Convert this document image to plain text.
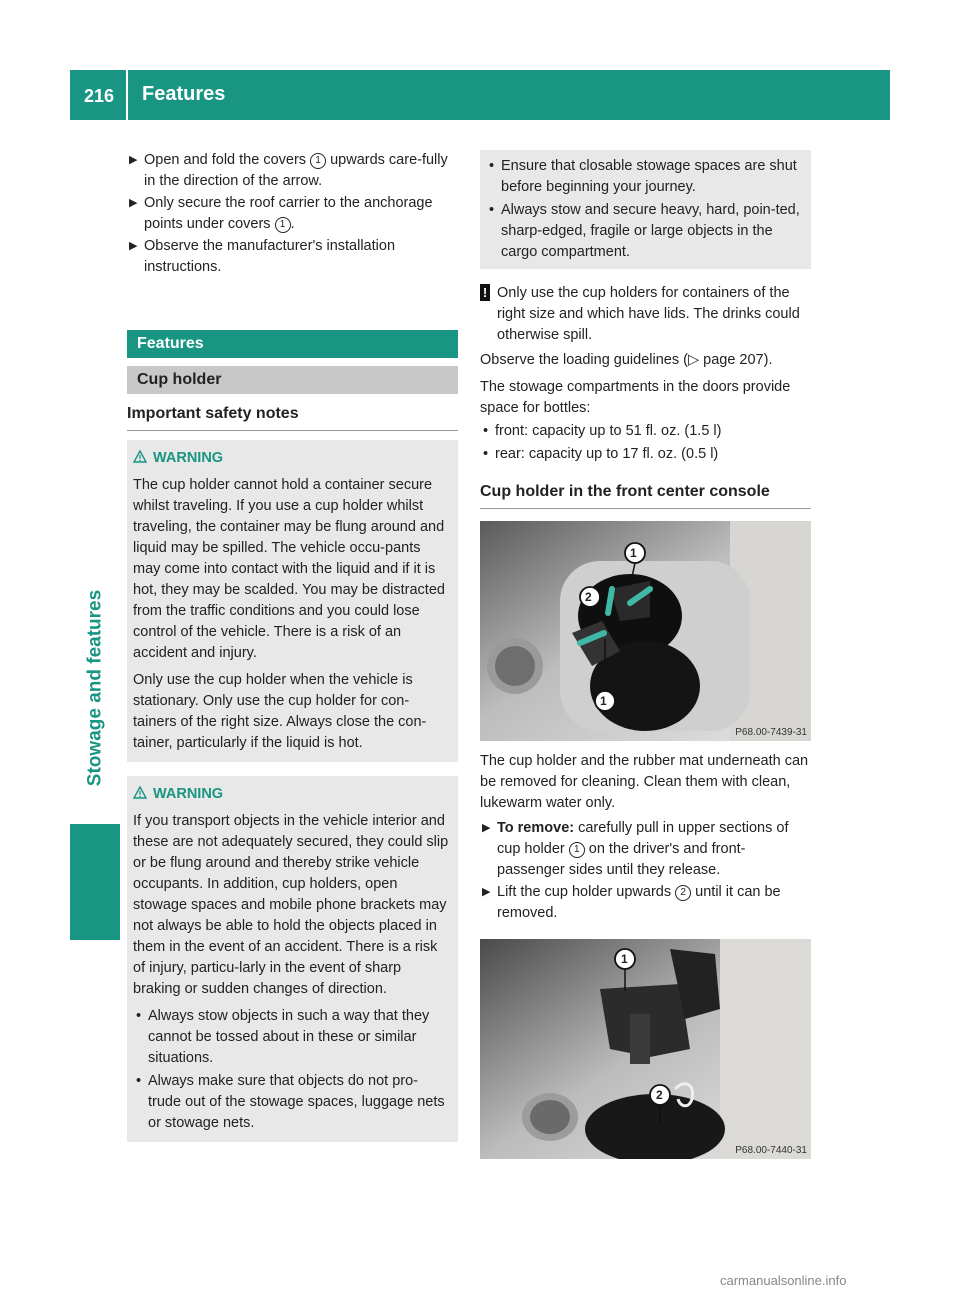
216 Features
Stowage and features
▶ Open and fold the covers 1 upwards care-fully in the direction of the arrow.
▶ Only secure the roof carrier to the anchorage points under covers 1 .
▶ Observe the manufacturer's installation instructions.
Features
Cup holder
Important safety notes
WARNING

The cup holder cannot hold a container secure whilst traveling. If you use a cup holder whilst traveling, the container may be flung around and liquid may be spilled. The vehicle occu-pants may come into contact with the liquid and if it is hot, they may be scalded. You may be distracted from the traffic conditions and you could lose control of the vehicle. There is a risk of an accident and injury.

Only use the cup holder when the vehicle is stationary. Only use the cup holder for con-tainers of the right size. Always close the con-tainer, particularly if the liquid is hot.

WARNING

If you transport objects in the vehicle interior and these are not adequately secured, they could slip or be flung around and thereby strike vehicle occupants. In addition, cup holders, open stowage spaces and mobile phone brackets may not always be able to hold the objects placed in them in the event of an accident. There is a risk of injury, particu-larly in the event of sharp braking or sudden changes of direction.

• Always stow objects in such a way that they cannot be tossed about in these or similar situations.
• Always make sure that objects do not pro-trude out of the stowage spaces, luggage nets or stowage nets.
• Ensure that closable stowage spaces are shut before beginning your journey.
• Always stow and secure heavy, hard, poin-ted, sharp-edged, fragile or large objects in the cargo compartment.
! Only use the cup holders for containers of the right size and which have lids. The drinks could otherwise spill.

Observe the loading guidelines (▷ page 207).

The stowage compartments in the doors provide space for bottles:

• front: capacity up to 51 fl. oz. (1.5 l)
• rear: capacity up to 17 fl. oz. (0.5 l)
Cup holder in the front center console
1
2
1
P68.00-7439-31

The cup holder and the rubber mat underneath can be removed for cleaning. Clean them with clean, lukewarm water only.

▶ To remove: carefully pull in upper sections of cup holder 1 on the driver's and front-passenger sides until they release.
▶ Lift the cup holder upwards 2 until it can be removed.
1
2
P68.00-7440-31
carmanualsonline.info
